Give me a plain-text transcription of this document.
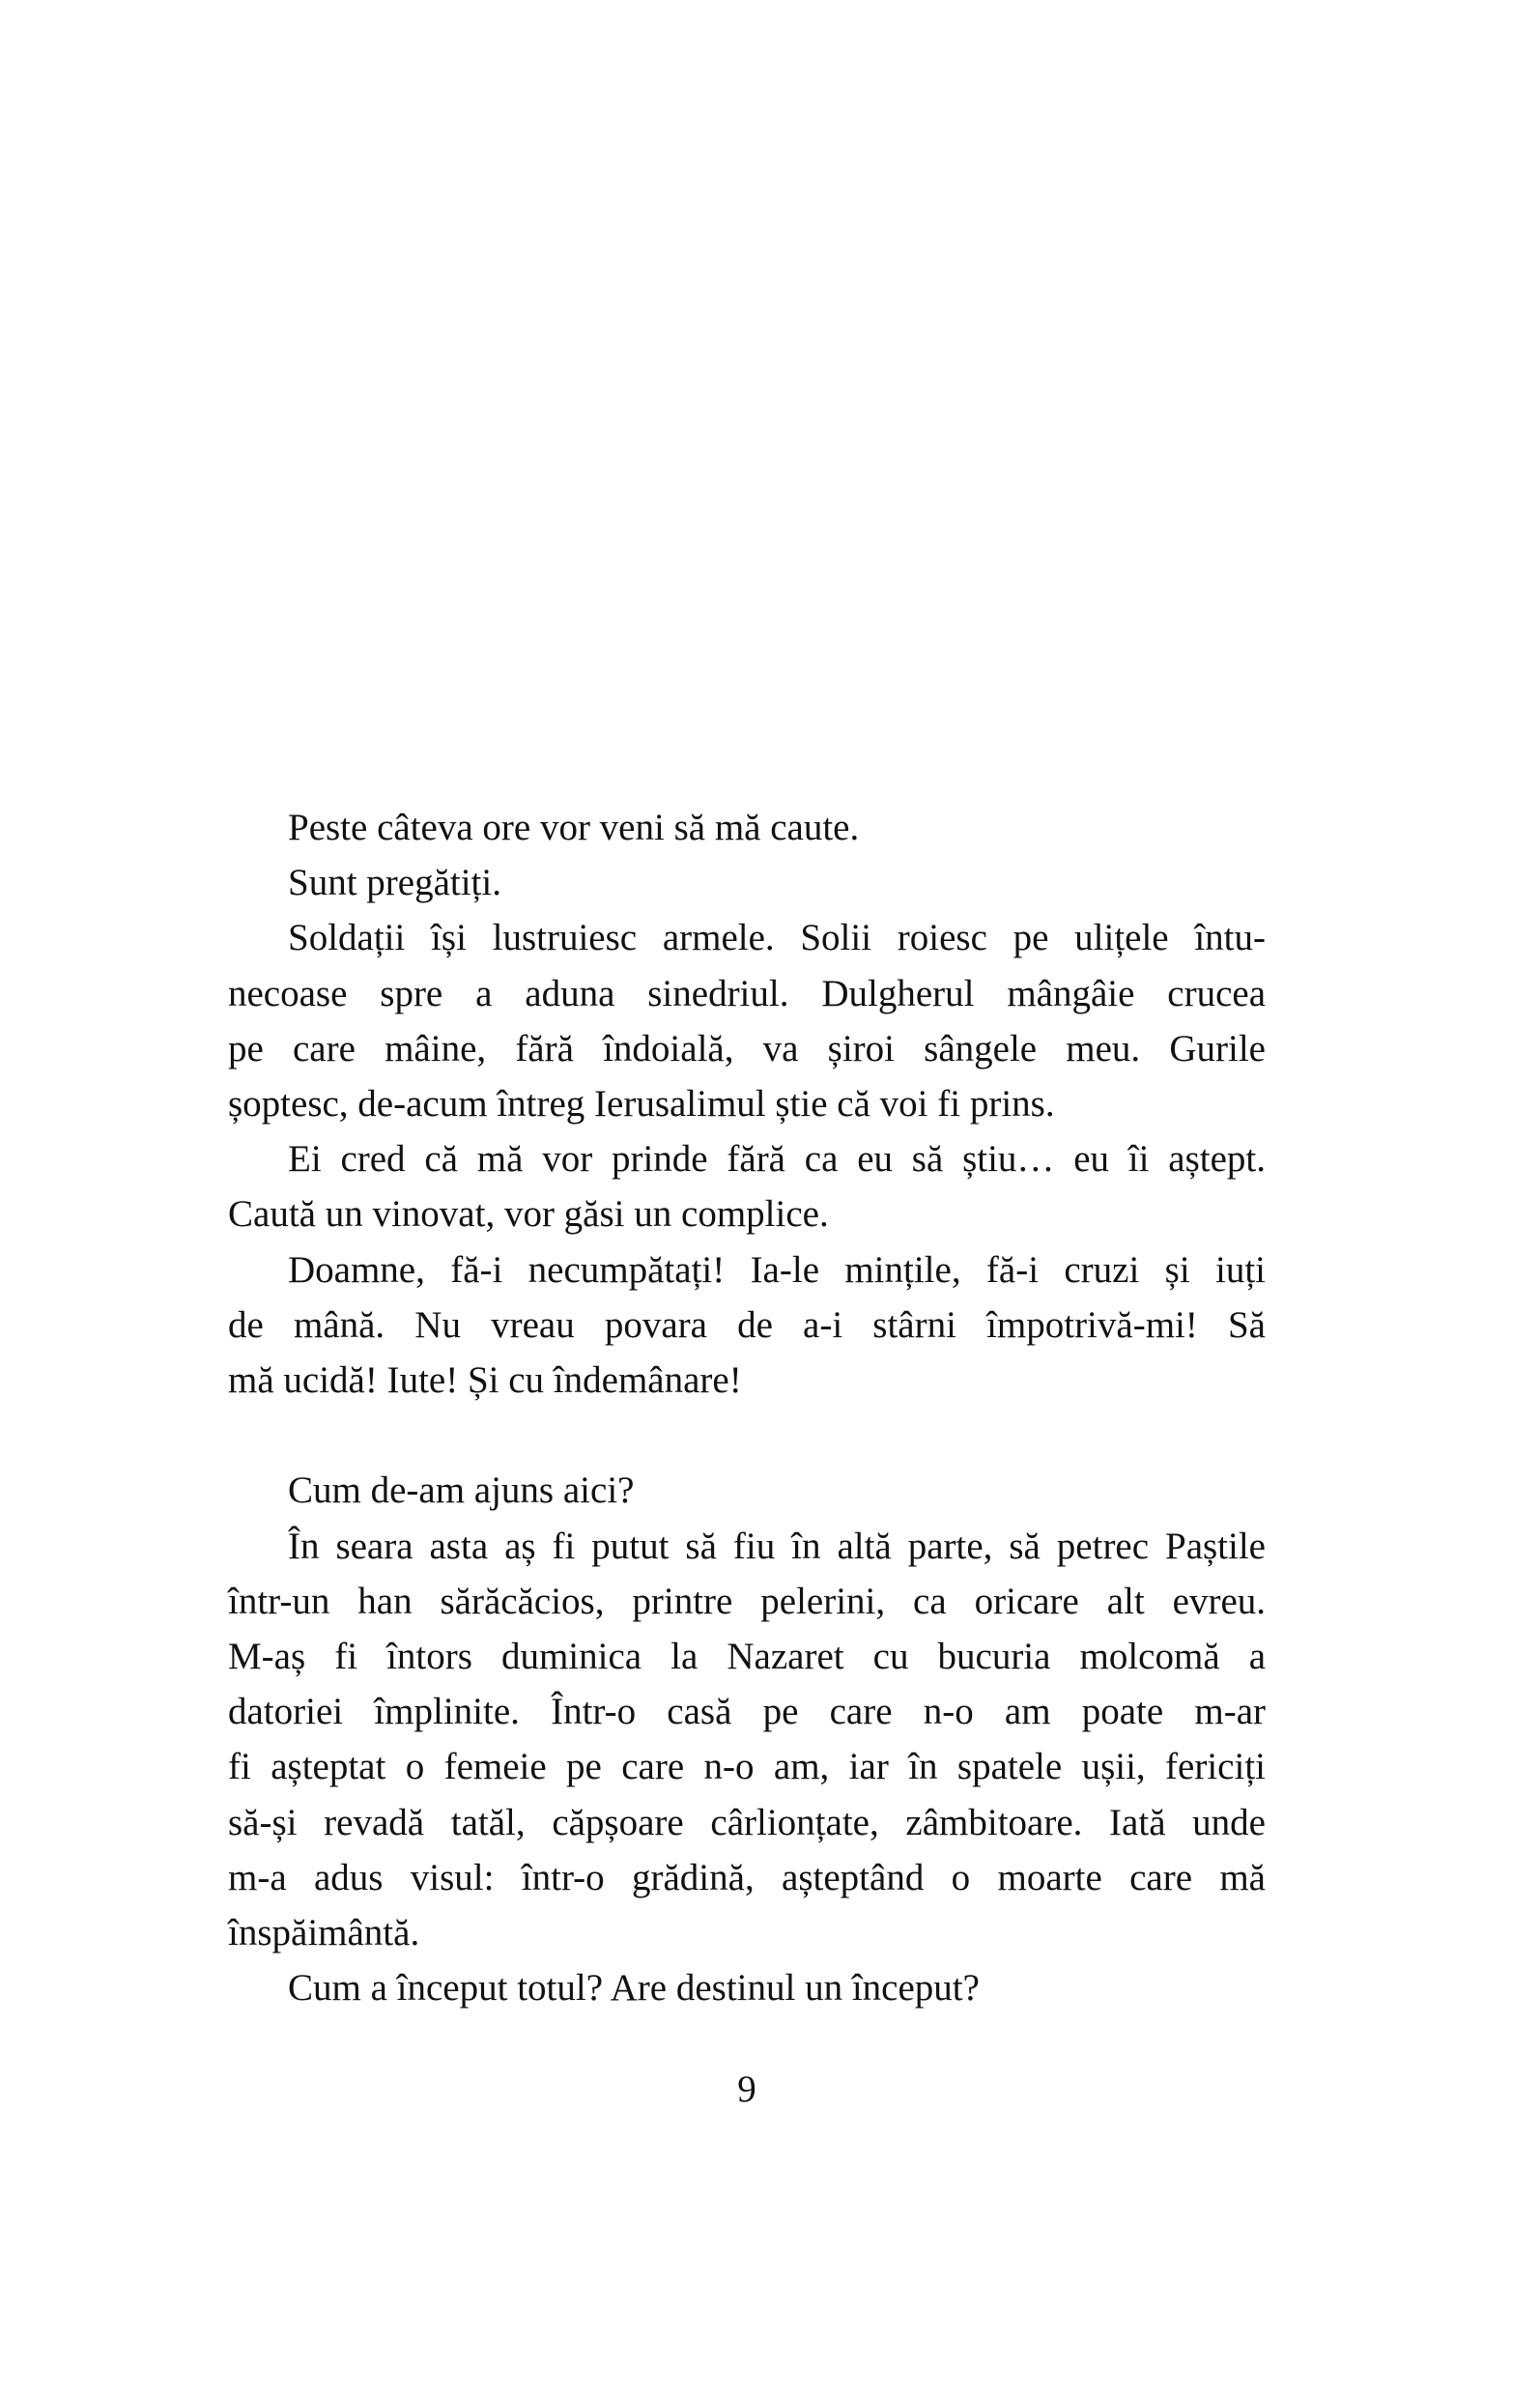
Peste câteva ore vor veni să mă caute.
Sunt pregătiți.
Soldații își lustruiesc armele. Solii roiesc pe ulițele întu-
necoase spre a aduna sinedriul. Dulgherul mângâie crucea
pe care mâine, fără îndoială, va șiroi sângele meu. Gurile
șoptesc, de-acum întreg Ierusalimul știe că voi fi prins.
Ei cred că mă vor prinde fără ca eu să știu… eu îi aștept.
Caută un vinovat, vor găsi un complice.
Doamne, fă-i necumpătați! Ia-le mințile, fă-i cruzi și iuți
de mână. Nu vreau povara de a-i stârni împotrivă-mi! Să
mă ucidă! Iute! Și cu îndemânare!
Cum de-am ajuns aici?
În seara asta aș fi putut să fiu în altă parte, să petrec Paștile
într-un han sărăcăcios, printre pelerini, ca oricare alt evreu.
M-aș fi întors duminica la Nazaret cu bucuria molcomă a
datoriei împlinite. Într-o casă pe care n-o am poate m-ar
fi așteptat o femeie pe care n-o am, iar în spatele ușii, fericiți
să-și revadă tatăl, căpșoare cârlionțate, zâmbitoare. Iată unde
m-a adus visul: într-o grădină, așteptând o moarte care mă
înspăimântă.
Cum a început totul? Are destinul un început?
9
